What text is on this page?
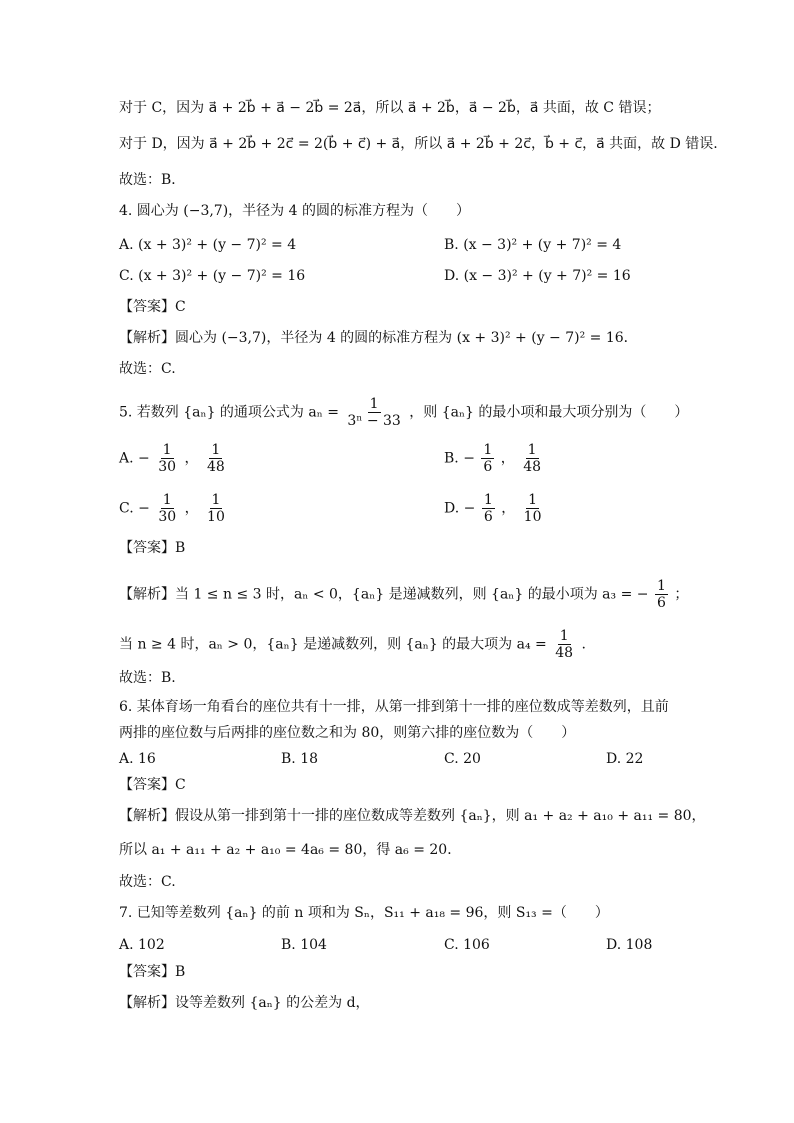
对于 C，因为 a⃗ + 2b⃗ + a⃗ − 2b⃗ = 2a⃗，所以 a⃗ + 2b⃗，a⃗ − 2b⃗，a⃗ 共面，故 C 错误；
对于 D，因为 a⃗ + 2b⃗ + 2c⃗ = 2(b⃗ + c⃗) + a⃗，所以 a⃗ + 2b⃗ + 2c⃗，b⃗ + c⃗，a⃗ 共面，故 D 错误.
故选：B．
4. 圆心为 (−3,7)，半径为 4 的圆的标准方程为（　　）
A. (x + 3)² + (y − 7)² = 4	B. (x − 3)² + (y + 7)² = 4
C. (x + 3)² + (y − 7)² = 16	D. (x − 3)² + (y + 7)² = 16
【答案】C
【解析】圆心为 (−3,7)，半径为 4 的圆的标准方程为 (x + 3)² + (y − 7)² = 16．
故选：C.
5. 若数列 {aₙ} 的通项公式为 $a_n = \frac{1}{\text{3ⁿ − 33}}$ ，则 {aₙ} 的最小项和最大项分别为（　　）
A. − $\frac{1}{30}$ ， $\frac{1}{48}$	B. − $\frac{1}{6}$ ， $\frac{1}{48}$
C. − $\frac{1}{30}$ ， $\frac{1}{10}$	D. − $\frac{1}{6}$ ， $\frac{1}{10}$
【答案】B
【解析】当 1 ≤ n ≤ 3 时，aₙ < 0，{aₙ} 是递减数列，则 {aₙ} 的最小项为 a₃ = − $\frac{1}{6}$ ；
当 n ≥ 4 时，aₙ > 0，{aₙ} 是递减数列，则 {aₙ} 的最大项为 $a_4 = \frac{1}{48}$ .
故选：B.
6. 某体育场一角看台的座位共有十一排，从第一排到第十一排的座位数成等差数列，且前
两排的座位数与后两排的座位数之和为 80，则第六排的座位数为（　　）
A. 16	B. 18	C. 20	D. 22
【答案】C
【解析】假设从第一排到第十一排的座位数成等差数列 {aₙ}，则 a₁ + a₂ + a₁₀ + a₁₁ = 80，
所以 a₁ + a₁₁ + a₂ + a₁₀ = 4a₆ = 80，得 a₆ = 20．
故选：C.
7. 已知等差数列 {aₙ} 的前 n 项和为 Sₙ，S₁₁ + a₁₈ = 96，则 S₁₃ =（　　）
A. 102	B. 104	C. 106	D. 108
【答案】B
【解析】设等差数列 {aₙ} 的公差为 d，
